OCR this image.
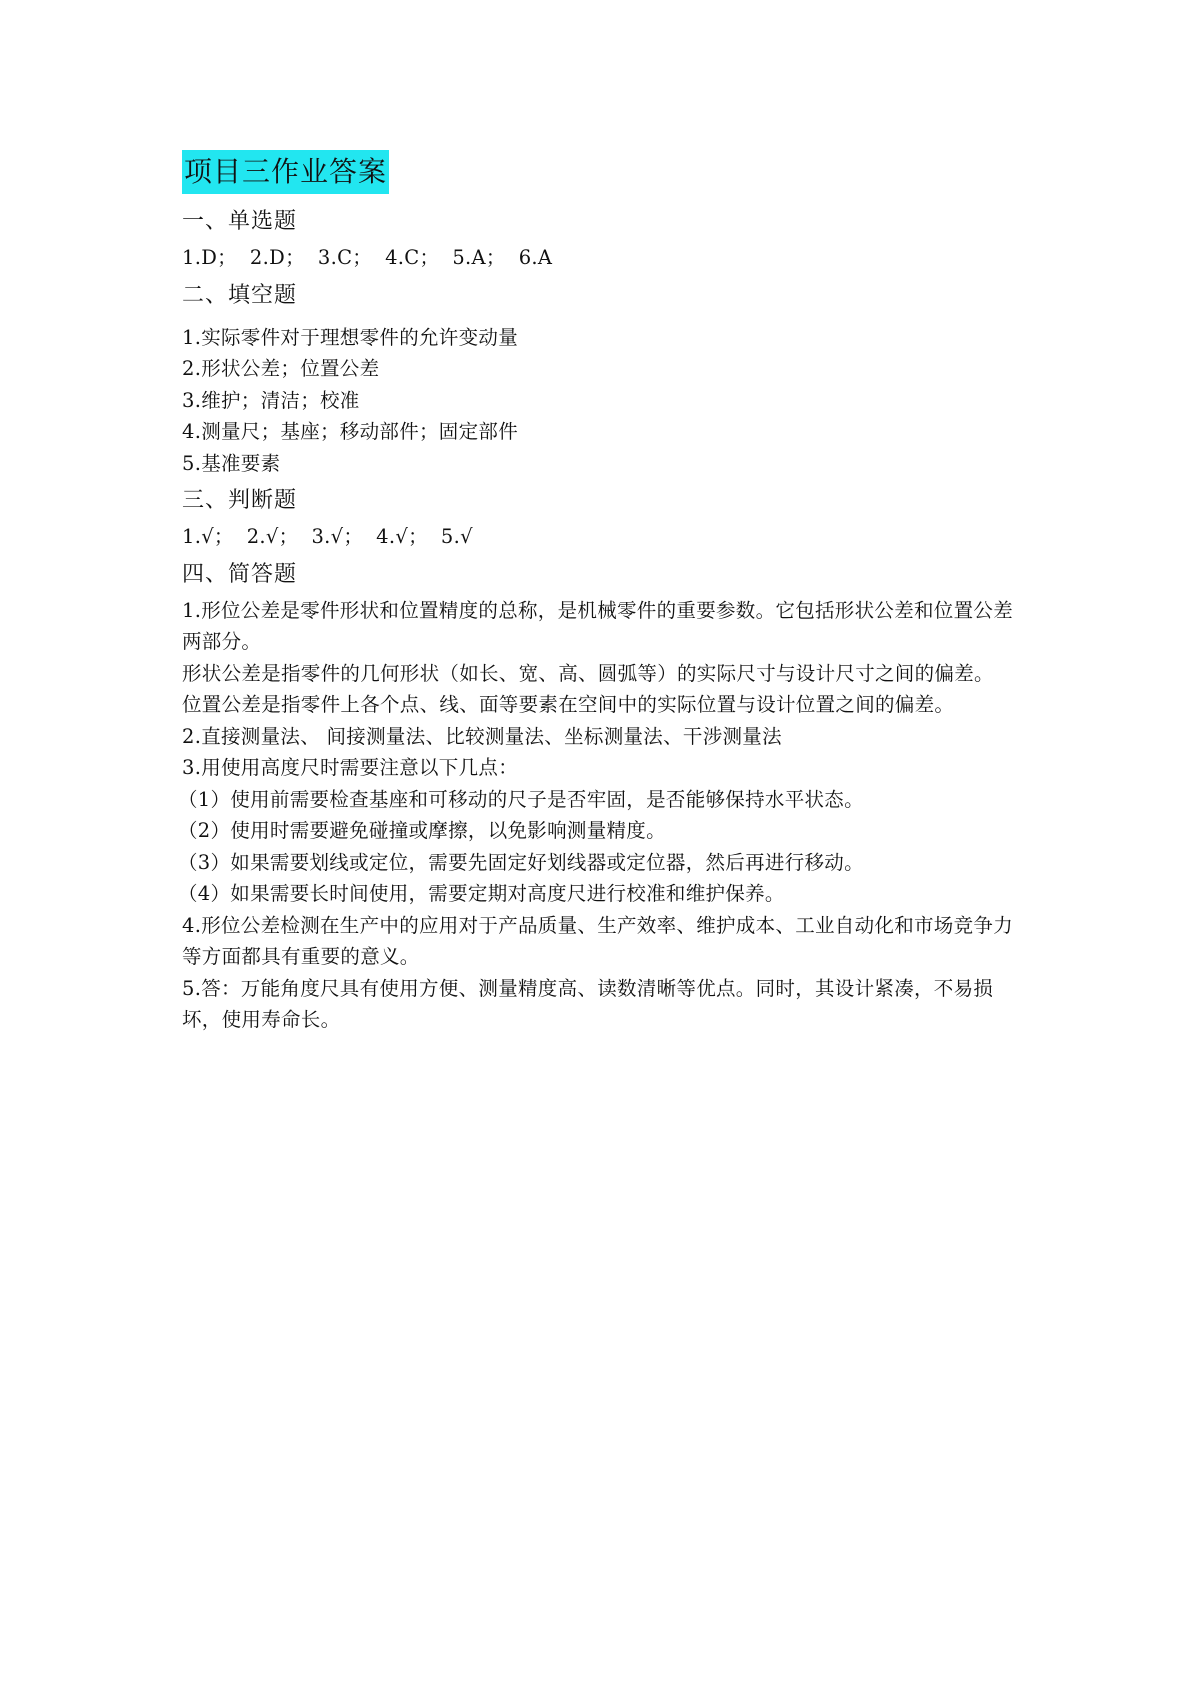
项目三作业答案
一、单选题
1.D；  2.D；  3.C；  4.C；  5.A；  6.A
二、填空题
1.实际零件对于理想零件的允许变动量
2.形状公差；位置公差
3.维护；清洁；校准
4.测量尺；基座；移动部件；固定部件
5.基准要素
三、判断题
1.√；  2.√；  3.√；  4.√；  5.√
四、简答题
1.形位公差是零件形状和位置精度的总称，是机械零件的重要参数。它包括形状公差和位置公差两部分。
形状公差是指零件的几何形状（如长、宽、高、圆弧等）的实际尺寸与设计尺寸之间的偏差。
位置公差是指零件上各个点、线、面等要素在空间中的实际位置与设计位置之间的偏差。
2.直接测量法、 间接测量法、比较测量法、坐标测量法、干涉测量法
3.用使用高度尺时需要注意以下几点：
（1）使用前需要检查基座和可移动的尺子是否牢固，是否能够保持水平状态。
（2）使用时需要避免碰撞或摩擦，以免影响测量精度。
（3）如果需要划线或定位，需要先固定好划线器或定位器，然后再进行移动。
（4）如果需要长时间使用，需要定期对高度尺进行校准和维护保养。
4.形位公差检测在生产中的应用对于产品质量、生产效率、维护成本、工业自动化和市场竞争力等方面都具有重要的意义。
5.答：万能角度尺具有使用方便、测量精度高、读数清晰等优点。同时，其设计紧凑，不易损坏，使用寿命长。
